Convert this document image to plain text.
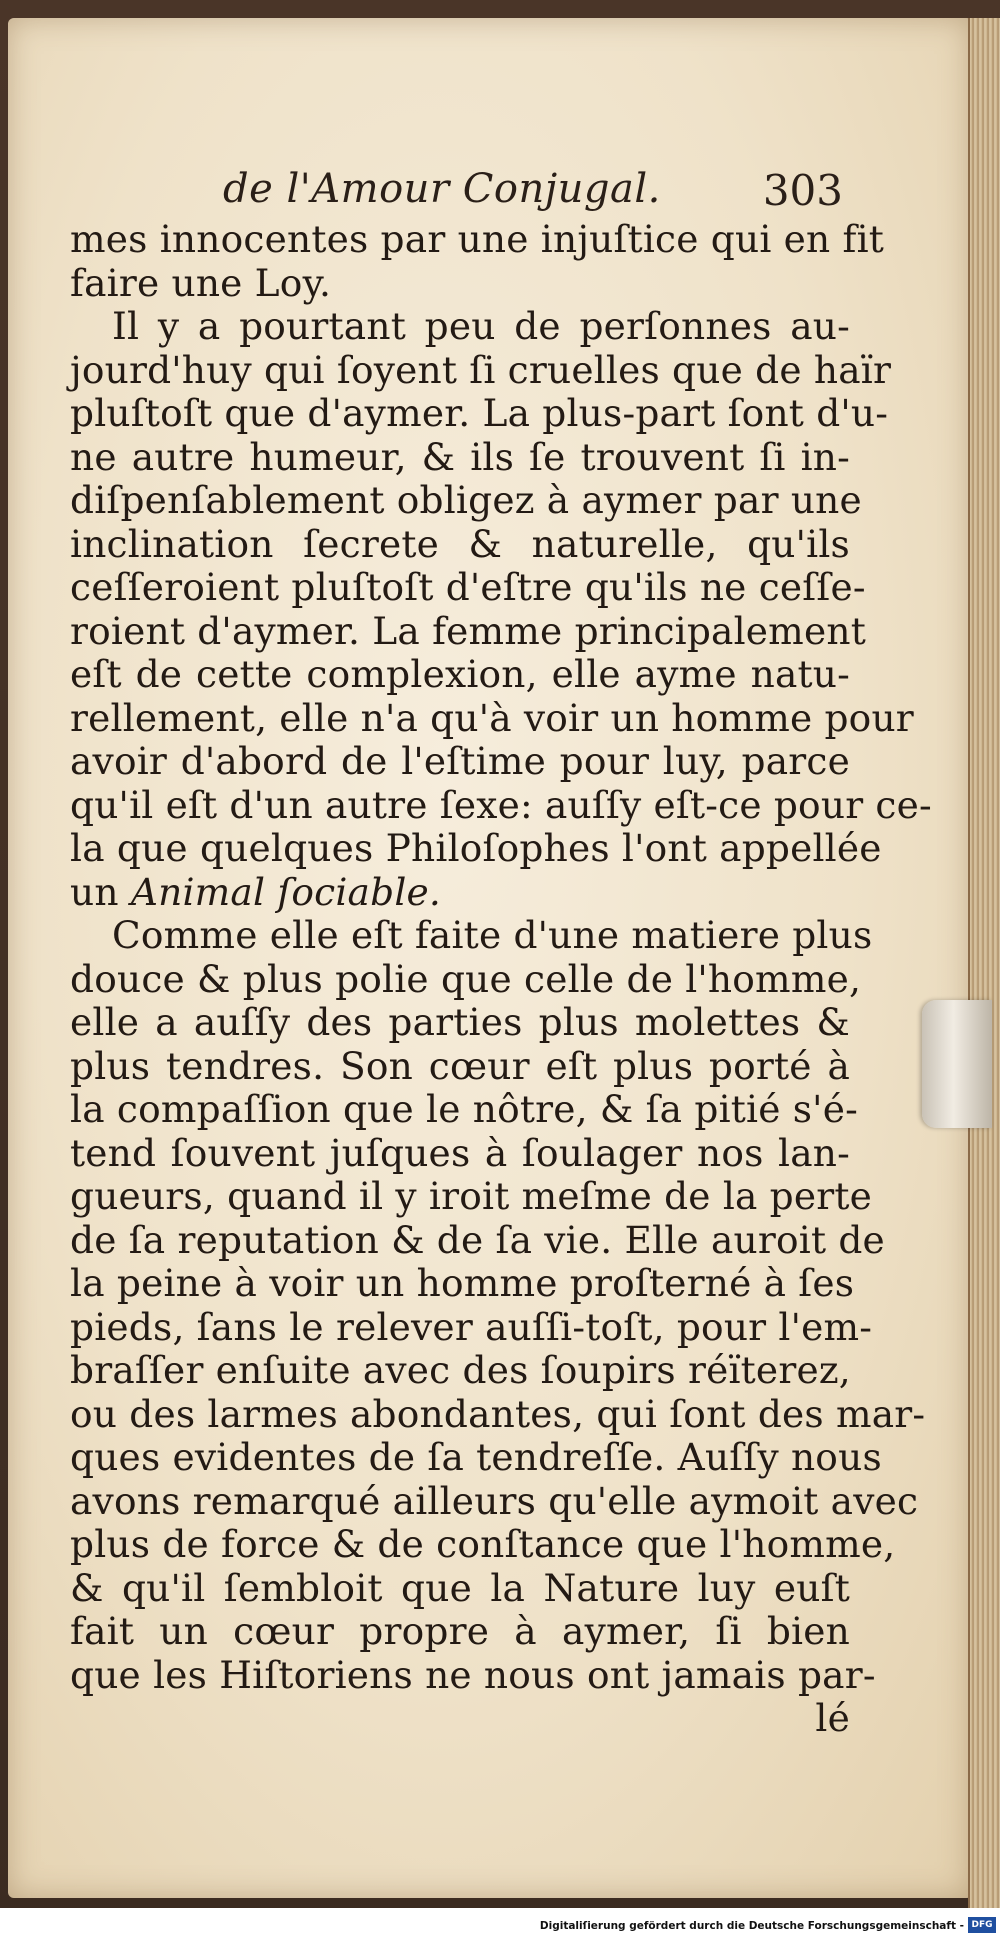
de l'Amour Conjugal. 303
mes innocentes par une injuſtice qui en fit
faire une Loy.
Il y a pourtant peu de perſonnes au-
jourd'huy qui ſoyent ſi cruelles que de haïr
pluſtoſt que d'aymer. La plus-part ſont d'u-
ne autre humeur, & ils ſe trouvent ſi in-
diſpenſablement obligez à aymer par une
inclination ſecrete & naturelle, qu'ils
ceſſeroient pluſtoſt d'eſtre qu'ils ne ceſſe-
roient d'aymer. La femme principalement
eſt de cette complexion, elle ayme natu-
rellement, elle n'a qu'à voir un homme pour
avoir d'abord de l'eſtime pour luy, parce
qu'il eſt d'un autre ſexe: auſſy eſt-ce pour ce-
la que quelques Philoſophes l'ont appellée
un Animal ſociable.
Comme elle eſt faite d'une matiere plus
douce & plus polie que celle de l'homme,
elle a auſſy des parties plus molettes &
plus tendres. Son cœur eſt plus porté à
la compaſſion que le nôtre, & ſa pitié s'é-
tend ſouvent juſques à ſoulager nos lan-
gueurs, quand il y iroit meſme de la perte
de ſa reputation & de ſa vie. Elle auroit de
la peine à voir un homme proſterné à ſes
pieds, ſans le relever auſſi-toſt, pour l'em-
braſſer enſuite avec des ſoupirs réïterez,
ou des larmes abondantes, qui ſont des mar-
ques evidentes de ſa tendreſſe. Auſſy nous
avons remarqué ailleurs qu'elle aymoit avec
plus de force & de conſtance que l'homme,
& qu'il ſembloit que la Nature luy euſt
fait un cœur propre à aymer, ſi bien
que les Hiſtoriens ne nous ont jamais par-
lé
Digitaliſierung gefördert durch die Deutsche Forschungsgemeinschaft - DFG
